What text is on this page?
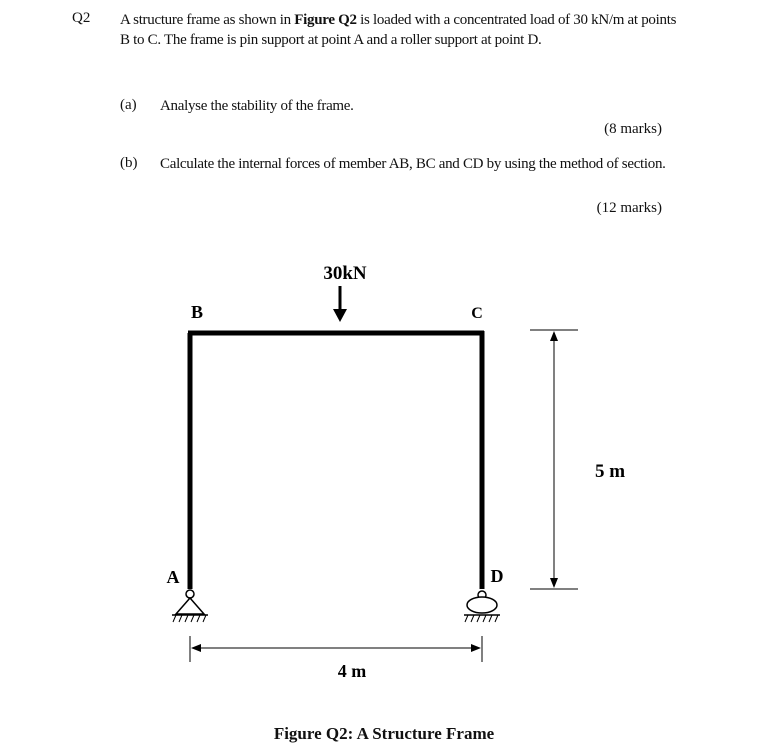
Q2 A structure frame as shown in Figure Q2 is loaded with a concentrated load of 30 kN/m at points B to C. The frame is pin support at point A and a roller support at point D.
(a) Analyse the stability of the frame.
(8 marks)
(b) Calculate the internal forces of member AB, BC and CD by using the method of section.
(12 marks)
30kN
B	C
A	D
5 m
4 m
Figure Q2: A Structure Frame
